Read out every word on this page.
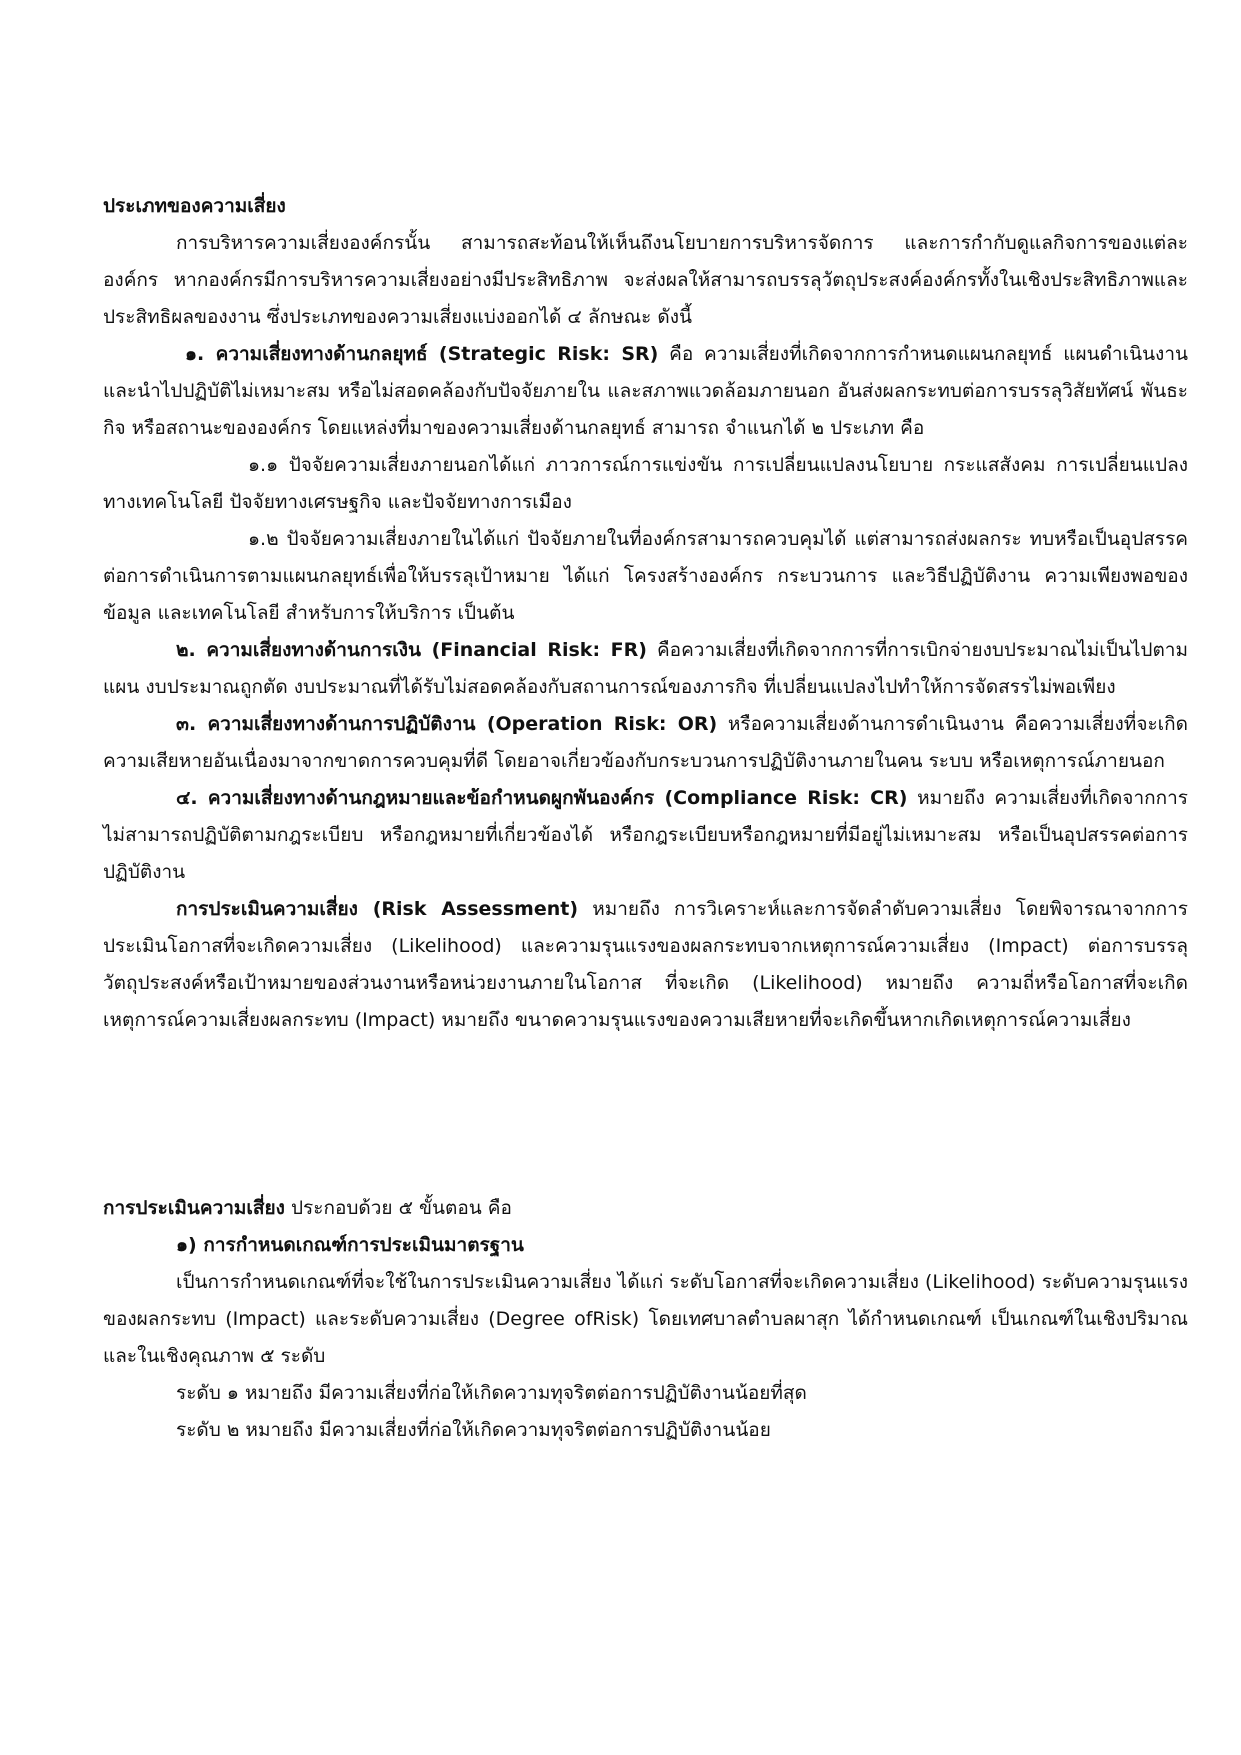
ประเภทของความเสี่ยง

การบริหารความเสี่ยงองค์กรนั้น สามารถสะท้อนให้เห็นถึงนโยบายการบริหารจัดการ และการกำกับดูแลกิจการของแต่ละองค์กร หากองค์กรมีการบริหารความเสี่ยงอย่างมีประสิทธิภาพ จะส่งผลให้สามารถบรรลุวัตถุประสงค์องค์กรทั้งในเชิงประสิทธิภาพและประสิทธิผลของงาน ซึ่งประเภทของความเสี่ยงแบ่งออกได้ ๔ ลักษณะ ดังนี้

๑. ความเสี่ยงทางด้านกลยุทธ์ (Strategic Risk: SR) คือ ความเสี่ยงที่เกิดจากการกำหนดแผนกลยุทธ์ แผนดำเนินงานและนำไปปฏิบัติไม่เหมาะสม หรือไม่สอดคล้องกับปัจจัยภายใน และสภาพแวดล้อมภายนอก อันส่งผลกระทบต่อการบรรลุวิสัยทัศน์ พันธะกิจ หรือสถานะขององค์กร โดยแหล่งที่มาของความเสี่ยงด้านกลยุทธ์ สามารถ จำแนกได้ ๒ ประเภท คือ

๑.๑ ปัจจัยความเสี่ยงภายนอกได้แก่ ภาวการณ์การแข่งขัน การเปลี่ยนแปลงนโยบาย กระแสสังคม การเปลี่ยนแปลงทางเทคโนโลยี ปัจจัยทางเศรษฐกิจ และปัจจัยทางการเมือง

๑.๒ ปัจจัยความเสี่ยงภายในได้แก่ ปัจจัยภายในที่องค์กรสามารถควบคุมได้ แต่สามารถส่งผลกระ ทบหรือเป็นอุปสรรคต่อการดำเนินการตามแผนกลยุทธ์เพื่อให้บรรลุเป้าหมาย ได้แก่ โครงสร้างองค์กร กระบวนการ และวิธีปฏิบัติงาน ความเพียงพอของข้อมูล และเทคโนโลยี สำหรับการให้บริการ เป็นต้น

๒. ความเสี่ยงทางด้านการเงิน (Financial Risk: FR) คือความเสี่ยงที่เกิดจากการที่การเบิกจ่ายงบประมาณไม่เป็นไปตามแผน งบประมาณถูกตัด งบประมาณที่ได้รับไม่สอดคล้องกับสถานการณ์ของภารกิจ ที่เปลี่ยนแปลงไปทำให้การจัดสรรไม่พอเพียง

๓. ความเสี่ยงทางด้านการปฏิบัติงาน (Operation Risk: OR) หรือความเสี่ยงด้านการดำเนินงาน คือความเสี่ยงที่จะเกิดความเสียหายอันเนื่องมาจากขาดการควบคุมที่ดี โดยอาจเกี่ยวข้องกับกระบวนการปฏิบัติงานภายในคน ระบบ หรือเหตุการณ์ภายนอก

๔. ความเสี่ยงทางด้านกฎหมายและข้อกำหนดผูกพันองค์กร (Compliance Risk: CR) หมายถึง ความเสี่ยงที่เกิดจากการไม่สามารถปฏิบัติตามกฎระเบียบ หรือกฎหมายที่เกี่ยวข้องได้ หรือกฎระเบียบหรือกฎหมายที่มีอยู่ไม่เหมาะสม หรือเป็นอุปสรรคต่อการปฏิบัติงาน

การประเมินความเสี่ยง (Risk Assessment) หมายถึง การวิเคราะห์และการจัดลำดับความเสี่ยง โดยพิจารณาจากการประเมินโอกาสที่จะเกิดความเสี่ยง (Likelihood) และความรุนแรงของผลกระทบจากเหตุการณ์ความเสี่ยง (Impact) ต่อการบรรลุวัตถุประสงค์หรือเป้าหมายของส่วนงานหรือหน่วยงานภายในโอกาส ที่จะเกิด (Likelihood) หมายถึง ความถี่หรือโอกาสที่จะเกิดเหตุการณ์ความเสี่ยงผลกระทบ (Impact) หมายถึง ขนาดความรุนแรงของความเสียหายที่จะเกิดขึ้นหากเกิดเหตุการณ์ความเสี่ยง

การประเมินความเสี่ยง ประกอบด้วย ๕ ขั้นตอน คือ

๑) การกำหนดเกณฑ์การประเมินมาตรฐาน

เป็นการกำหนดเกณฑ์ที่จะใช้ในการประเมินความเสี่ยง ได้แก่ ระดับโอกาสที่จะเกิดความเสี่ยง (Likelihood) ระดับความรุนแรงของผลกระทบ (Impact) และระดับความเสี่ยง (Degree ofRisk) โดยเทศบาลตำบลผาสุก ได้กำหนดเกณฑ์ เป็นเกณฑ์ในเชิงปริมาณและในเชิงคุณภาพ ๕ ระดับ

ระดับ ๑ หมายถึง มีความเสี่ยงที่ก่อให้เกิดความทุจริตต่อการปฏิบัติงานน้อยที่สุด

ระดับ ๒ หมายถึง มีความเสี่ยงที่ก่อให้เกิดความทุจริตต่อการปฏิบัติงานน้อย
